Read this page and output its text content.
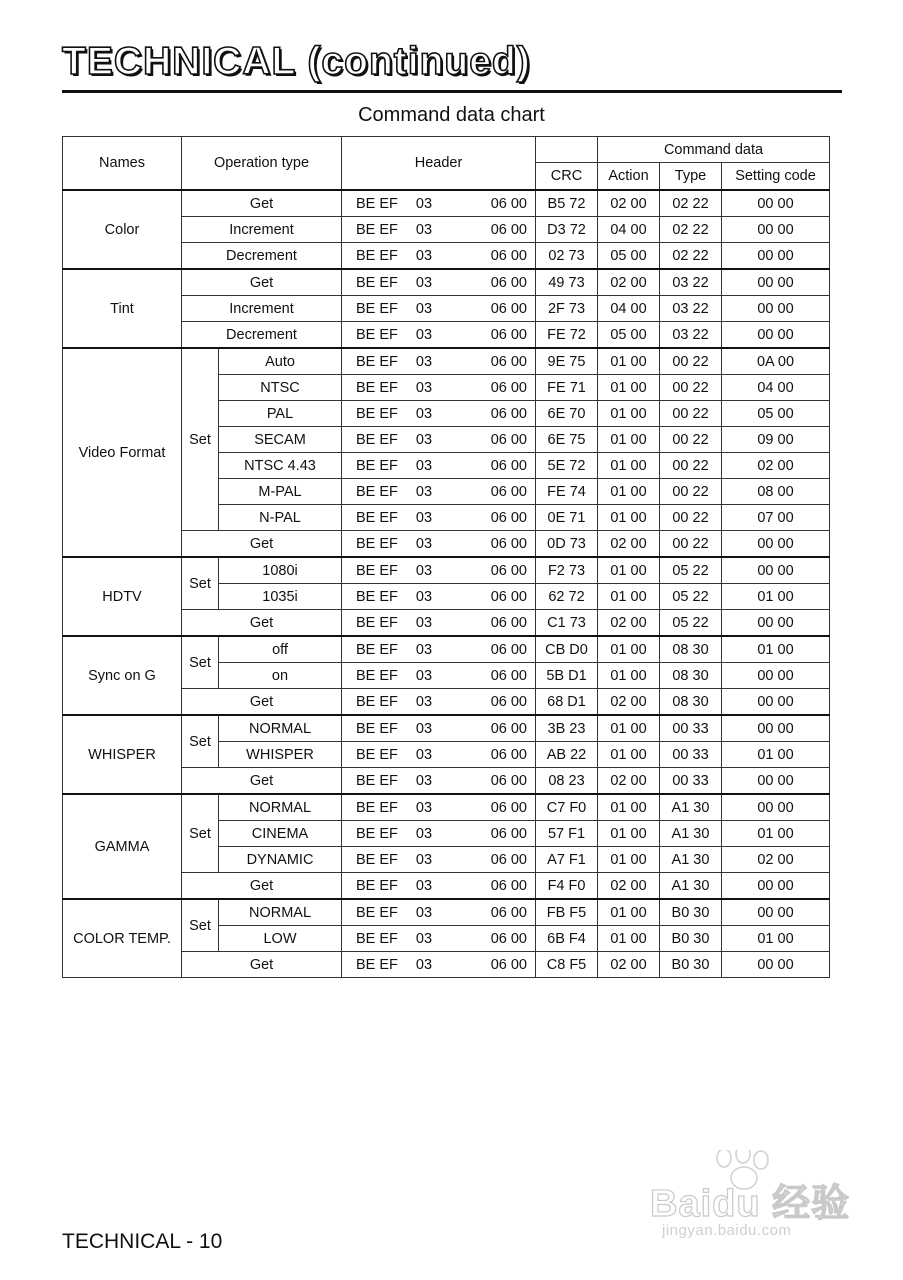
TECHNICAL (continued)
Command data chart
Names	Operation type		Header		Command data		
				CRC	Action	Type	Setting code
Color	Get		BE EF 03 06 00	B5 72	02 00	02 22	00 00
	Increment		BE EF 03 06 00	D3 72	04 00	02 22	00 00
	Decrement		BE EF 03 06 00	02 73	05 00	02 22	00 00
Tint	Get		BE EF 03 06 00	49 73	02 00	03 22	00 00
	Increment		BE EF 03 06 00	2F 73	04 00	03 22	00 00
	Decrement		BE EF 03 06 00	FE 72	05 00	03 22	00 00
Video Format	Set	Auto	BE EF 03 06 00	9E 75	01 00	00 22	0A 00
		NTSC	BE EF 03 06 00	FE 71	01 00	00 22	04 00
		PAL	BE EF 03 06 00	6E 70	01 00	00 22	05 00
		SECAM	BE EF 03 06 00	6E 75	01 00	00 22	09 00
		NTSC 4.43	BE EF 03 06 00	5E 72	01 00	00 22	02 00
		M-PAL	BE EF 03 06 00	FE 74	01 00	00 22	08 00
		N-PAL	BE EF 03 06 00	0E 71	01 00	00 22	07 00
	Get		BE EF 03 06 00	0D 73	02 00	00 22	00 00
HDTV	Set	1080i	BE EF 03 06 00	F2 73	01 00	05 22	00 00
		1035i	BE EF 03 06 00	62 72	01 00	05 22	01 00
	Get		BE EF 03 06 00	C1 73	02 00	05 22	00 00
Sync on G	Set	off	BE EF 03 06 00	CB D0	01 00	08 30	01 00
		on	BE EF 03 06 00	5B D1	01 00	08 30	00 00
	Get		BE EF 03 06 00	68 D1	02 00	08 30	00 00
WHISPER	Set	NORMAL	BE EF 03 06 00	3B 23	01 00	00 33	00 00
		WHISPER	BE EF 03 06 00	AB 22	01 00	00 33	01 00
	Get		BE EF 03 06 00	08 23	02 00	00 33	00 00
GAMMA	Set	NORMAL	BE EF 03 06 00	C7 F0	01 00	A1 30	00 00
		CINEMA	BE EF 03 06 00	57 F1	01 00	A1 30	01 00
		DYNAMIC	BE EF 03 06 00	A7 F1	01 00	A1 30	02 00
	Get		BE EF 03 06 00	F4 F0	02 00	A1 30	00 00
COLOR TEMP.	Set	NORMAL	BE EF 03 06 00	FB F5	01 00	B0 30	00 00
		LOW	BE EF 03 06 00	6B F4	01 00	B0 30	01 00
	Get		BE EF 03 06 00	C8 F5	02 00	B0 30	00 00
TECHNICAL - 10
Baidu 经验
jingyan.baidu.com
